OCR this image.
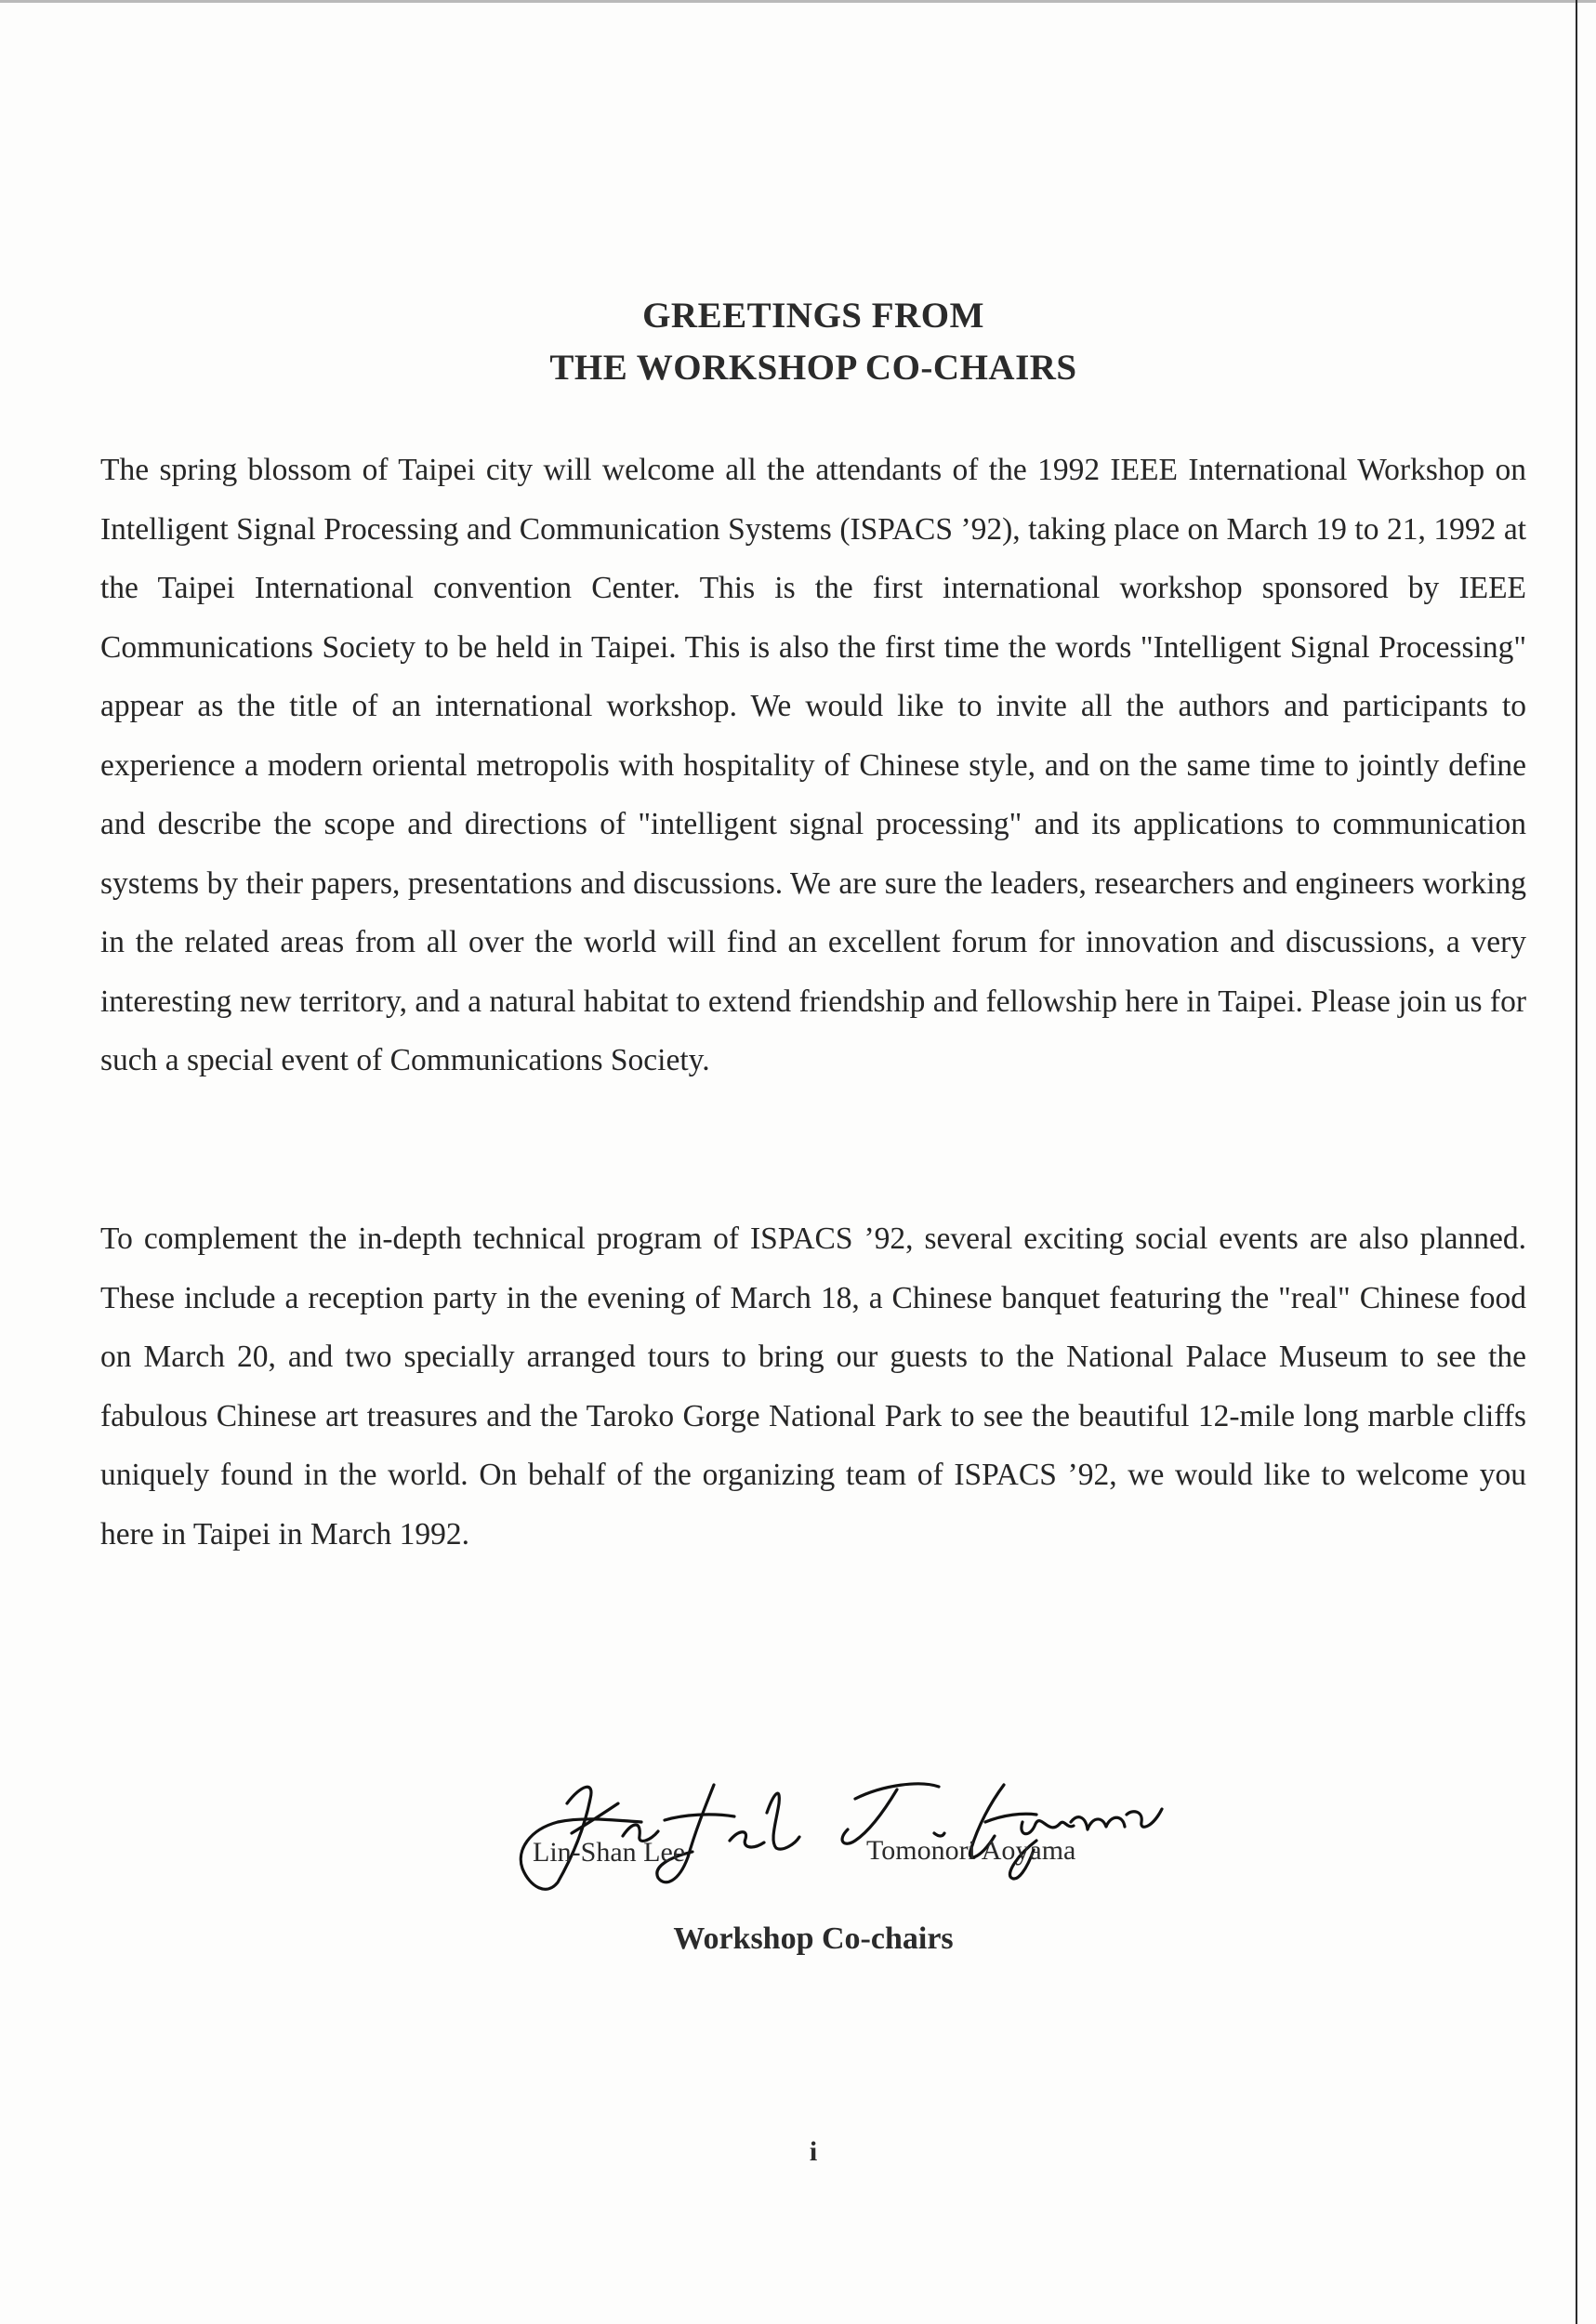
GREETINGS FROM
THE WORKSHOP CO-CHAIRS
The spring blossom of Taipei city will welcome all the attendants of the 1992 IEEE International Workshop on Intelligent Signal Processing and Communication Systems (ISPACS ’92), taking place on March 19 to 21, 1992 at the Taipei International convention Center. This is the first international workshop sponsored by IEEE Communications Society to be held in Taipei. This is also the first time the words "Intelligent Signal Processing" appear as the title of an international workshop. We would like to invite all the authors and participants to experience a modern oriental metropolis with hospitality of Chinese style, and on the same time to jointly define and describe the scope and directions of "intelligent signal processing" and its applications to communication systems by their papers, presentations and discussions. We are sure the leaders, researchers and engineers working in the related areas from all over the world will find an excellent forum for innovation and discussions, a very interesting new territory, and a natural habitat to extend friendship and fellowship here in Taipei. Please join us for such a special event of Communications Society.
To complement the in-depth technical program of ISPACS ’92, several exciting social events are also planned. These include a reception party in the evening of March 18, a Chinese banquet featuring the "real" Chinese food on March 20, and two specially arranged tours to bring our guests to the National Palace Museum to see the fabulous Chinese art treasures and the Taroko Gorge National Park to see the beautiful 12-mile long marble cliffs uniquely found in the world. On behalf of the organizing team of ISPACS ’92, we would like to welcome you here in Taipei in March 1992.
Lin-Shan Lee	Tomonori Aoyama
Workshop Co-chairs
i
